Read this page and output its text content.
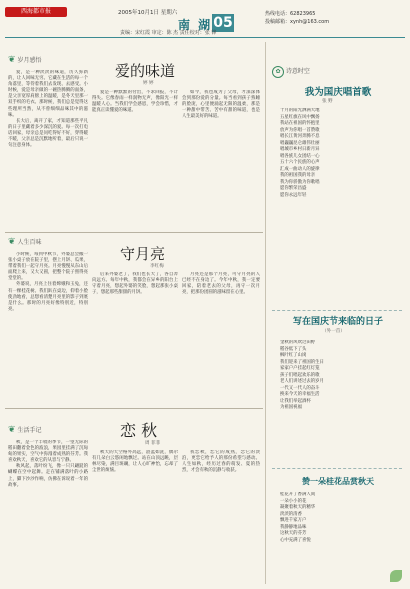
西海都市报	2005年10月1日 星期六
南 湖 05
责编：宋红霞 审定：陈 杰 责任校对：张 锋
热线电话：62823965
投稿邮箱：xynh@163.com
❦ 岁月感悟
爱的味道
婷 婷

爱，是一种淡淡的味道，历久弥新的，让人回味无穷。它藏在生活的每一个角落里，等待着我们去发现、去感受。小时候，爱是母亲做的一碗热腾腾的面条，是父亲宽厚肩膀上的温暖，是冬天里那一双手织的毛衣。那时候，我们总是觉得这些理所当然，从不曾细细品味其中的滋味。

长大后，离开了家，才知道那些平凡的日子里藏着多少深沉的爱。每一次打电话回家，母亲总是问吃得好不好，穿得暖不暖，父亲总是沉默地听着，最后只说一句注意身体。

爱是一种默默的付出，不求回报，不计得失。它像春雨一样润物无声，像阳光一样温暖人心。当我们学会感恩，学会珍惜，才能真正读懂爱的味道。

如今，我也成为了父母，才深深体会到那份爱的分量。每当看到孩子熟睡的脸庞，心里便涌起无限的温柔，那是一种甜中带苦、苦中有甜的味道，也是人生最美好的味道。

❦ 人生百味
守月亮
李红梅

小时候，每到中秋节，外婆总会搬一张小桌子放在院子里，摆上月饼、瓜果，带着我们一起守月亮。月亮慢慢从东山后面爬上来，又大又圆，把整个院子照得亮堂堂的。

外婆说，月亮上住着嫦娥和玉兔，还有一棵桂花树。我们趴在桌边，仰着小脸使劲地看，总想看清楚月亮里的影子到底是什么。那时的月亮好像特别近，特别亮。

后来外婆老了，我们也长大了，各自奔向远方。每年中秋，我都会在异乡的阳台上守着月亮，想起外婆的笑脸，想起那张小桌子，想起那些甜甜的月饼。

月亮还是那个月亮，可守月亮的人已经不在身边了。今年中秋，我一定要回家，陪着老去的父母，再守一次月亮，把那份团圆的滋味留在心里。

❦ 生活手记	恋 秋
周 菲菲

秋，是一个丰收的季节，一望无际的稻田翻着金色的波浪，果园里挂满了沉甸甸的果实，空气中弥漫着成熟的芬芳。我喜欢秋天，喜欢它的从容与宁静。

秋风起，落叶纷飞，像一只只翩跹的蝴蝶在空中起舞。走在铺满落叶的小路上，脚下沙沙作响，仿佛在诉说着一年的故事。

秋天的天空格外高远，湛蓝如洗，偶尔有几朵白云悠闲地飘过。站在山顶远眺，层林尽染，满目斑斓，让人心旷神怡，忘却了尘世的烦恼。

我恋秋，恋它的成熟，恋它的淡泊，更恋它给予人的那份希望与感动。人生如秋，经历过春的萌发、夏的热烈，才会有秋的沉静与收获。

✿ 诗意时空
我为国庆唱首歌
张 野
十月的阳光洒满大地
五星红旗在风中飘扬
我站在祖国的怀抱里
放声为你唱一首赞歌
唱长江黄河奔腾不息
唱巍巍昆仑雄伟壮丽
唱城市乡村日新月异
唱各族儿女团结一心
五十六个民族的心声
汇成一曲动人的旋律
我的祖国我的母亲
我为你骄傲为你歌唱
愿你繁荣昌盛
愿你永远年轻
写在国庆节来临的日子
（外一首）
金秋的风吹过田野
稻谷低下了头
枫叶红了山岗
我们迎来了祖国的生日
家家户户挂起红灯笼
孩子们唱起欢乐的歌
老人们讲述过去的岁月
一代又一代人的奋斗
换来今天的幸福生活
让我们举起酒杯
为祖国祝福
赞一朵桂花品赏秋天
桂花开了香满人间
一朵小小的花
凝聚着秋天的精华
淡淡的清香
飘进千家万户
我静静地品味
这秋天的芬芳
心中充满了喜悦
